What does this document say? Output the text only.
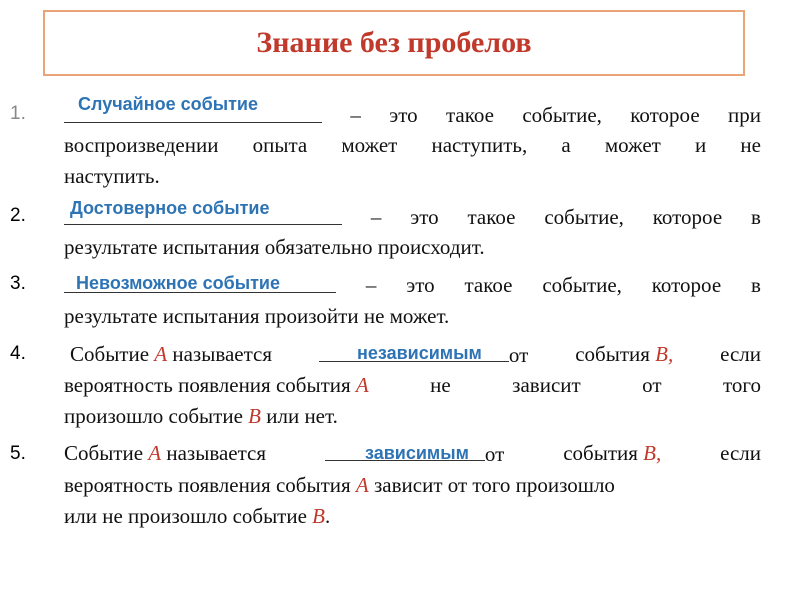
Знание без пробелов
1.	Случайное событие	– это такое событие, которое при
воспроизведении опыта может наступить, а может и не
наступить.
2. Достоверное событие	– это такое событие, которое в
результате испытания обязательно происходит.
3.	Невозможное событие	– это такое событие, которое в
результате испытания произойти не может.
4.	независимым
Событие A называется	от события B, если
вероятность появления события A	не	зависит	от	того
произошло событие B или нет.
5.	зависимым
Событие A называется	от	события B,	если
вероятность появления события A зависит от того произошло
или не произошло событие B.
